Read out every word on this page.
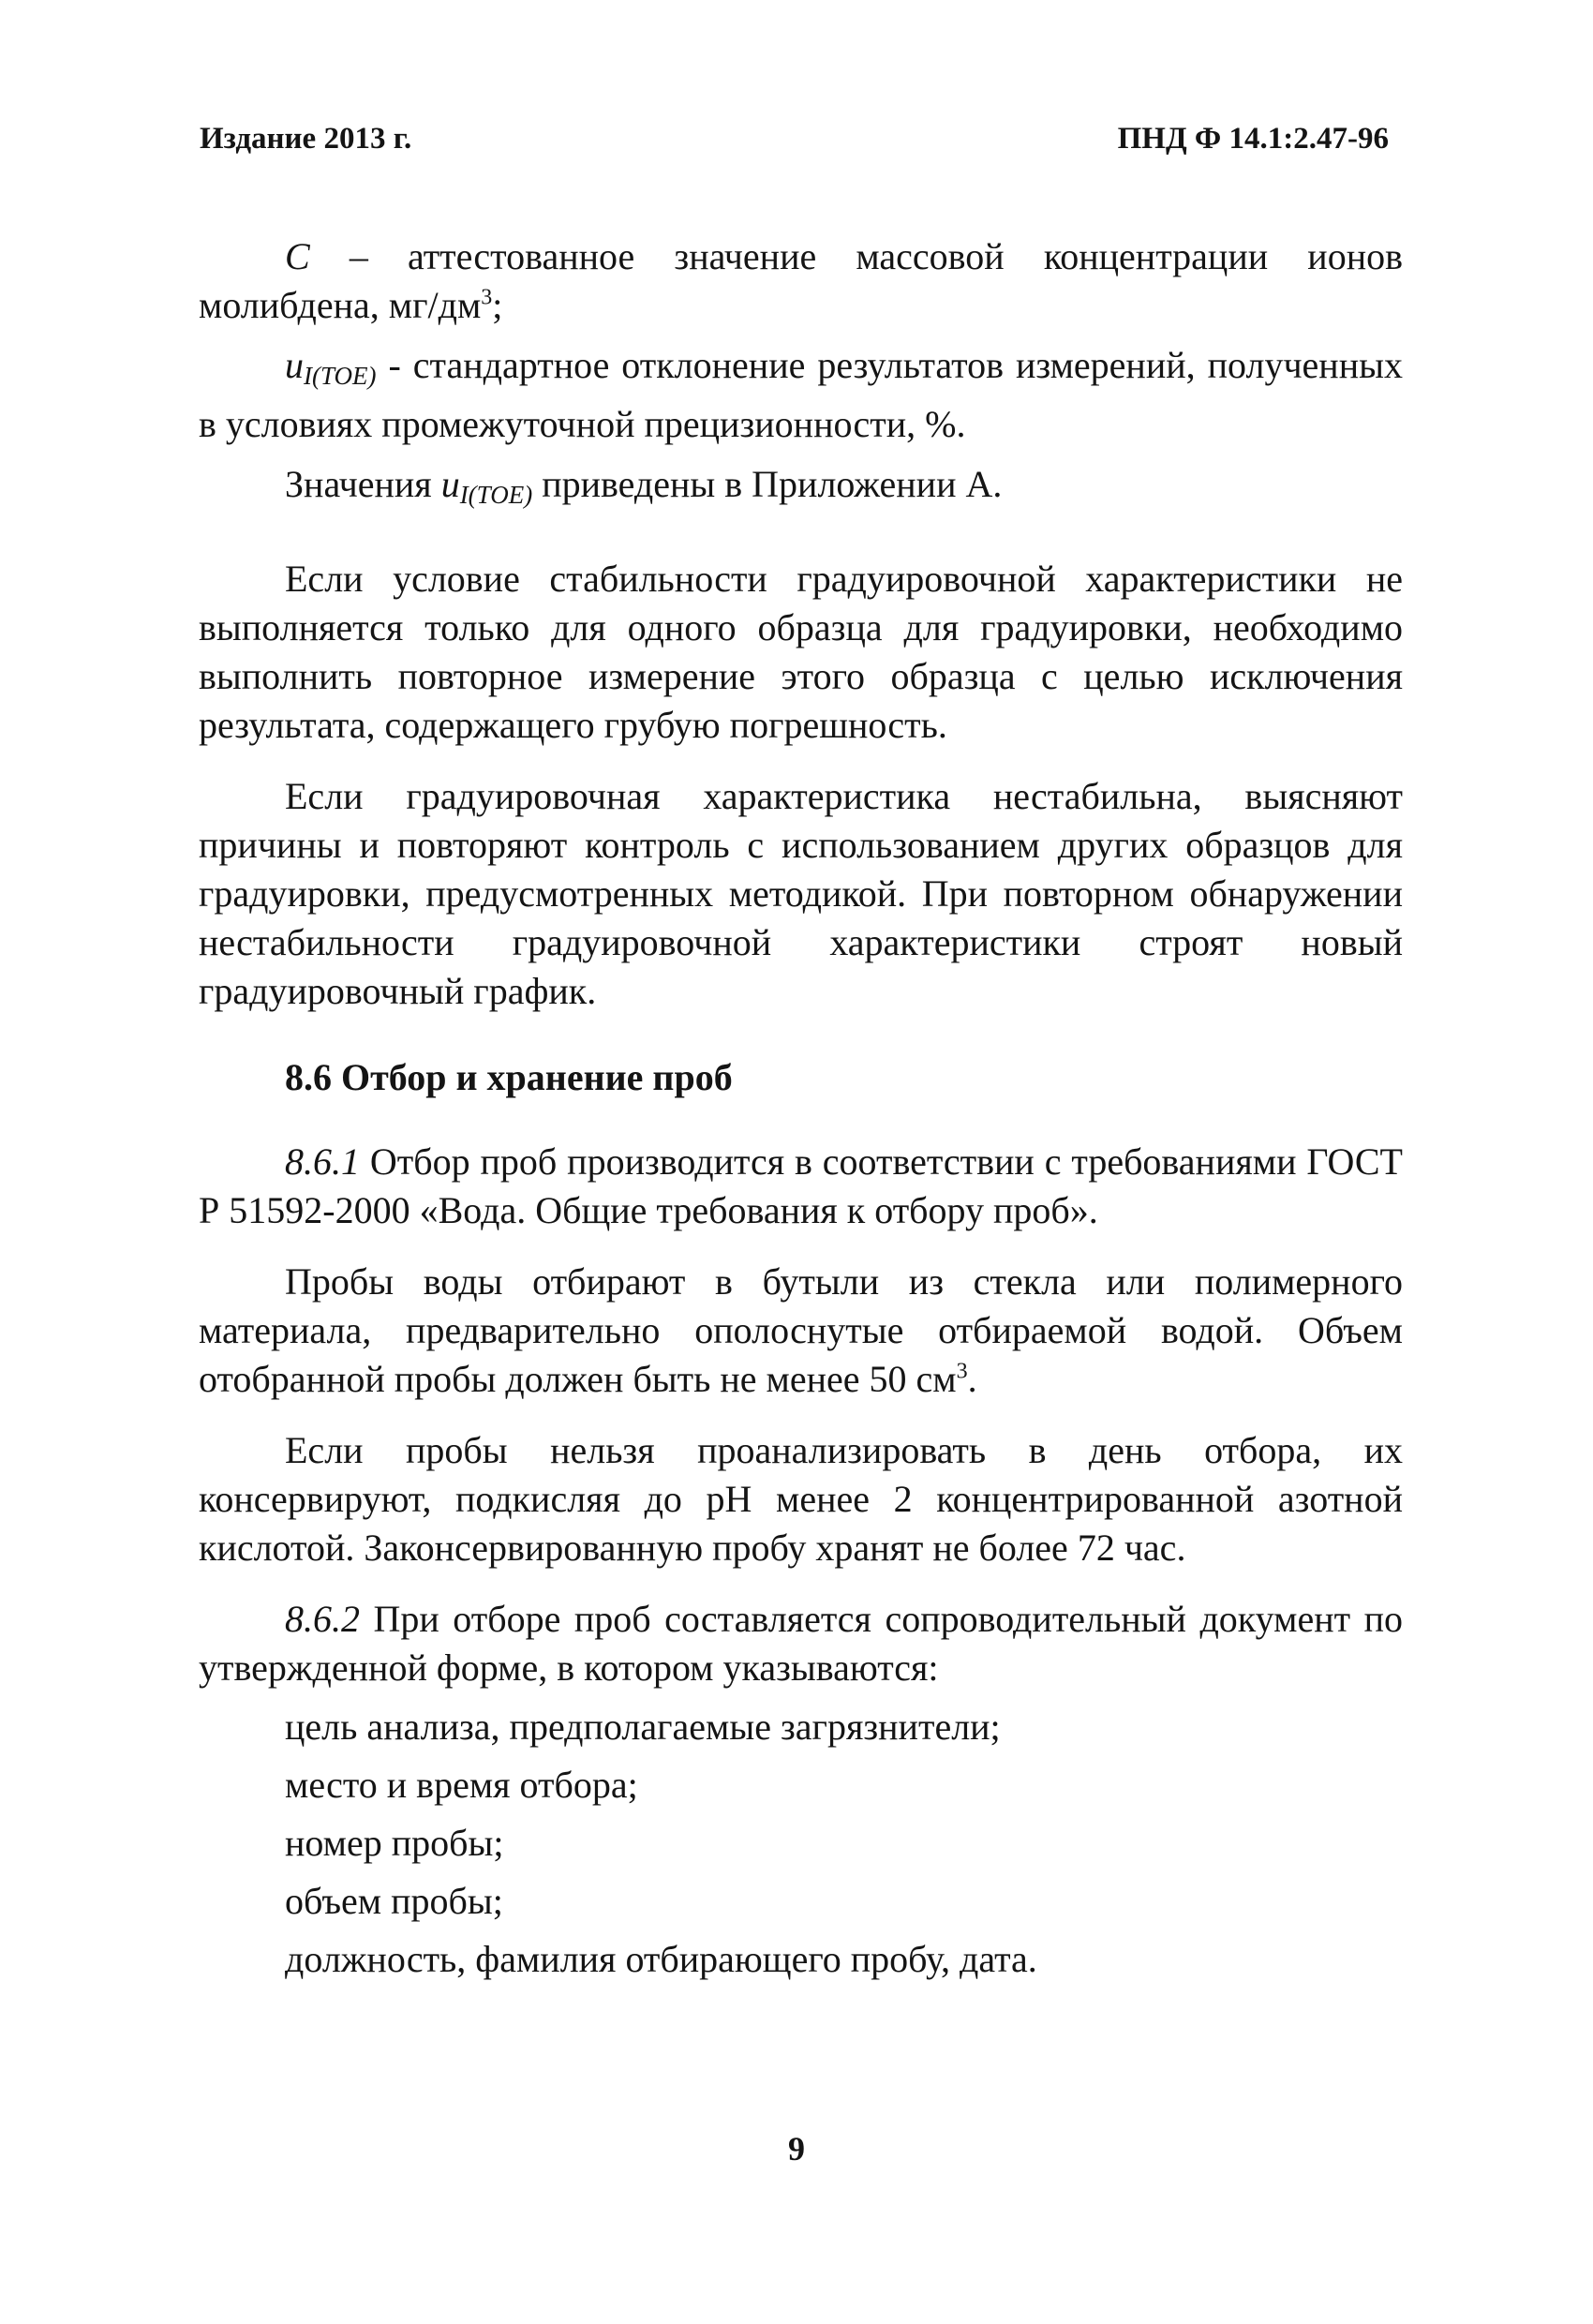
Издание 2013 г.	ПНД Ф 14.1:2.47-96

C – аттестованное значение массовой концентрации ионов молибдена, $мг/дм^3$;

$u_{I(TOE)}$ - стандартное отклонение результатов измерений, полученных в условиях промежуточной прецизионности, %.

Значения $u_{I(TOE)}$ приведены в Приложении А.

Если условие стабильности градуировочной характеристики не выполняется только для одного образца для градуировки, необходимо выполнить повторное измерение этого образца с целью исключения результата, содержащего грубую погрешность.

Если градуировочная характеристика нестабильна, выясняют причины и повторяют контроль с использованием других образцов для градуировки, предусмотренных методикой. При повторном обнаружении нестабильности градуировочной характеристики строят новый градуировочный график.

8.6 Отбор и хранение проб

8.6.1 Отбор проб производится в соответствии с требованиями ГОСТ Р 51592-2000 «Вода. Общие требования к отбору проб».

Пробы воды отбирают в бутыли из стекла или полимерного материала, предварительно ополоснутые отбираемой водой. Объем отобранной пробы должен быть не менее 50 $см^3$.

Если пробы нельзя проанализировать в день отбора, их консервируют, подкисляя до рН менее 2 концентрированной азотной кислотой. Законсервированную пробу хранят не более 72 час.

8.6.2 При отборе проб составляется сопроводительный документ по утвержденной форме, в котором указываются:

цель анализа, предполагаемые загрязнители;
место и время отбора;
номер пробы;
объем пробы;
должность, фамилия отбирающего пробу, дата.
9
